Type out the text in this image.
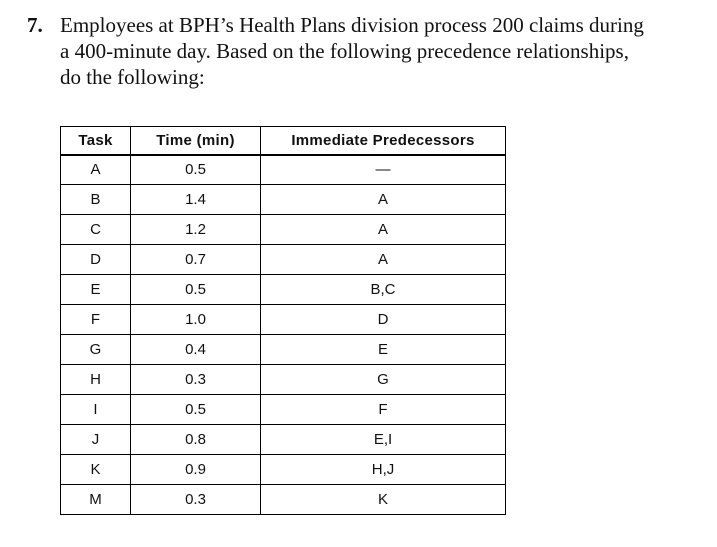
7. Employees at BPH’s Health Plans division process 200 claims during a 400-minute day. Based on the following precedence relationships, do the following:
Task	Time (min)	Immediate Predecessors
A	0.5	—
B	1.4	A
C	1.2	A
D	0.7	A
E	0.5	B,C
F	1.0	D
G	0.4	E
H	0.3	G
I	0.5	F
J	0.8	E,I
K	0.9	H,J
M	0.3	K
